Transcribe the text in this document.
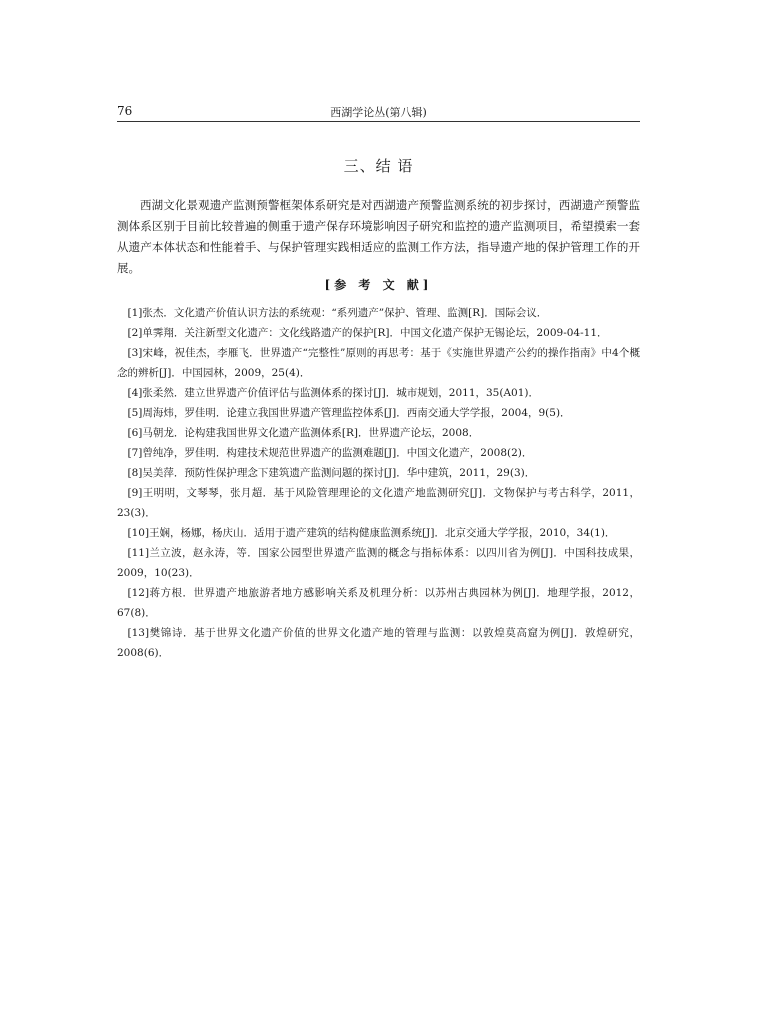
76	西湖学论丛(第八辑)
三、结 语

西湖文化景观遗产监测预警框架体系研究是对西湖遗产预警监测系统的初步探讨，西湖遗产预警监测体系区别于目前比较普遍的侧重于遗产保存环境影响因子研究和监控的遗产监测项目，希望摸索一套从遗产本体状态和性能着手、与保护管理实践相适应的监测工作方法，指导遗产地的保护管理工作的开展。

[参 考 文 献]
[1]张杰．文化遗产价值认识方法的系统观：“系列遗产”保护、管理、监测[R]．国际会议．
[2]单霁翔．关注新型文化遗产：文化线路遗产的保护[R]．中国文化遗产保护无锡论坛，2009-04-11．
[3]宋峰，祝佳杰，李雁飞．世界遗产“完整性”原则的再思考：基于《实施世界遗产公约的操作指南》中4个概念的辨析[J]．中国园林，2009，25(4)．
[4]张柔然．建立世界遗产价值评估与监测体系的探讨[J]．城市规划，2011，35(A01)．
[5]周海炜，罗佳明．论建立我国世界遗产管理监控体系[J]．西南交通大学学报，2004，9(5)．
[6]马朝龙．论构建我国世界文化遗产监测体系[R]．世界遗产论坛，2008．
[7]曾纯净，罗佳明．构建技术规范世界遗产的监测难题[J]．中国文化遗产，2008(2)．
[8]吴美萍．预防性保护理念下建筑遗产监测问题的探讨[J]．华中建筑，2011，29(3)．
[9]王明明，文琴琴，张月超．基于风险管理理论的文化遗产地监测研究[J]．文物保护与考古科学，2011，23(3)．
[10]王娴，杨娜，杨庆山．适用于遗产建筑的结构健康监测系统[J]．北京交通大学学报，2010，34(1)．
[11]兰立波，赵永涛，等．国家公园型世界遗产监测的概念与指标体系：以四川省为例[J]．中国科技成果，2009，10(23)．
[12]蒋方根．世界遗产地旅游者地方感影响关系及机理分析：以苏州古典园林为例[J]．地理学报，2012，67(8)．
[13]樊锦诗．基于世界文化遗产价值的世界文化遗产地的管理与监测：以敦煌莫高窟为例[J]．敦煌研究，2008(6)．
